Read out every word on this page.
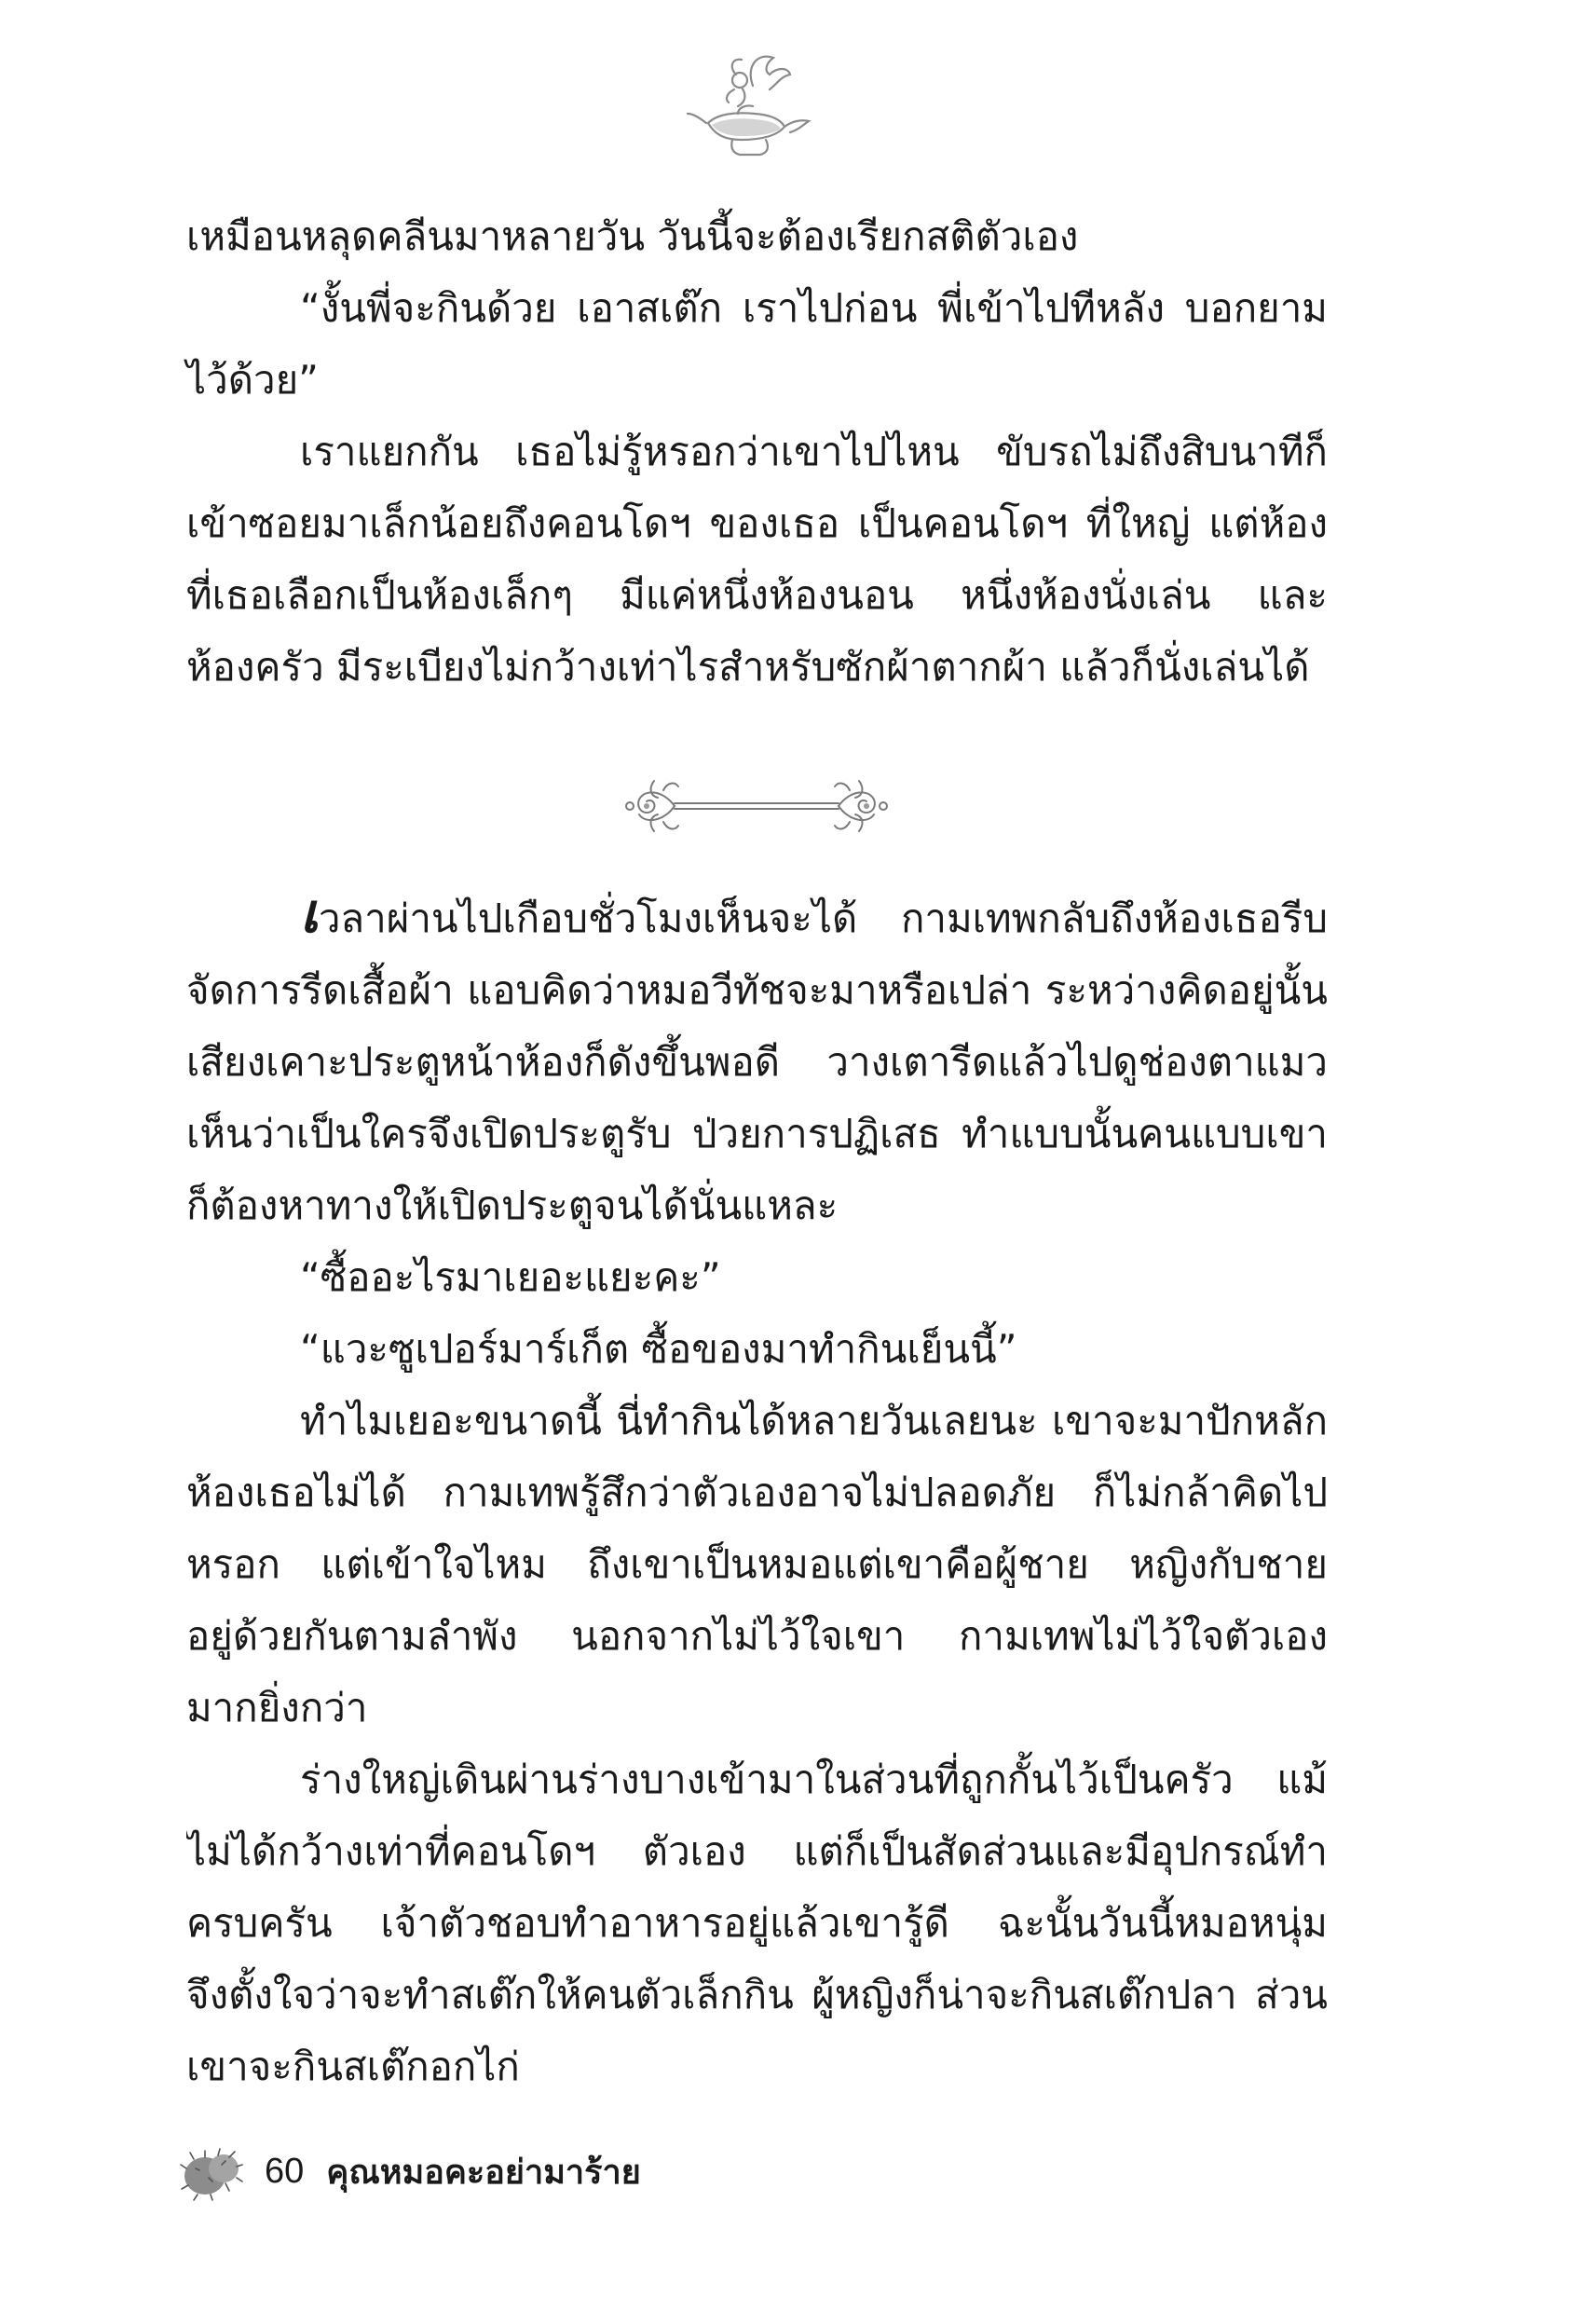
เหมือนหลุดคลีนมาหลายวัน วันนี้จะต้องเรียกสติตัวเอง
“งั้นพี่จะกินด้วย เอาสเต๊ก เราไปก่อน พี่เข้าไปทีหลัง บอกยาม
ไว้ด้วย”
เราแยกกัน เธอไม่รู้หรอกว่าเขาไปไหน ขับรถไม่ถึงสิบนาทีก็
เข้าซอยมาเล็กน้อยถึงคอนโดฯ ของเธอ เป็นคอนโดฯ ที่ใหญ่ แต่ห้อง
ที่เธอเลือกเป็นห้องเล็กๆ มีแค่หนึ่งห้องนอน หนึ่งห้องนั่งเล่น และ
ห้องครัว มีระเบียงไม่กว้างเท่าไรสำหรับซักผ้าตากผ้า แล้วก็นั่งเล่นได้
เวลาผ่านไปเกือบชั่วโมงเห็นจะได้ กามเทพกลับถึงห้องเธอรีบ
จัดการรีดเสื้อผ้า แอบคิดว่าหมอวีทัชจะมาหรือเปล่า ระหว่างคิดอยู่นั้น
เสียงเคาะประตูหน้าห้องก็ดังขึ้นพอดี วางเตารีดแล้วไปดูช่องตาแมว
เห็นว่าเป็นใครจึงเปิดประตูรับ ป่วยการปฏิเสธ ทำแบบนั้นคนแบบเขา
ก็ต้องหาทางให้เปิดประตูจนได้นั่นแหละ
“ซื้ออะไรมาเยอะแยะคะ”
“แวะซูเปอร์มาร์เก็ต ซื้อของมาทำกินเย็นนี้”
ทำไมเยอะขนาดนี้ นี่ทำกินได้หลายวันเลยนะ เขาจะมาปักหลัก
ห้องเธอไม่ได้ กามเทพรู้สึกว่าตัวเองอาจไม่ปลอดภัย ก็ไม่กล้าคิดไป
หรอก แต่เข้าใจไหม ถึงเขาเป็นหมอแต่เขาคือผู้ชาย หญิงกับชาย
อยู่ด้วยกันตามลำพัง นอกจากไม่ไว้ใจเขา กามเทพไม่ไว้ใจตัวเอง
มากยิ่งกว่า
ร่างใหญ่เดินผ่านร่างบางเข้ามาในส่วนที่ถูกกั้นไว้เป็นครัว แม้
ไม่ได้กว้างเท่าที่คอนโดฯ ตัวเอง แต่ก็เป็นสัดส่วนและมีอุปกรณ์ทำ
ครบครัน เจ้าตัวชอบทำอาหารอยู่แล้วเขารู้ดี ฉะนั้นวันนี้หมอหนุ่ม
จึงตั้งใจว่าจะทำสเต๊กให้คนตัวเล็กกิน ผู้หญิงก็น่าจะกินสเต๊กปลา ส่วน
เขาจะกินสเต๊กอกไก่
60 คุณหมอคะอย่ามาร้าย
